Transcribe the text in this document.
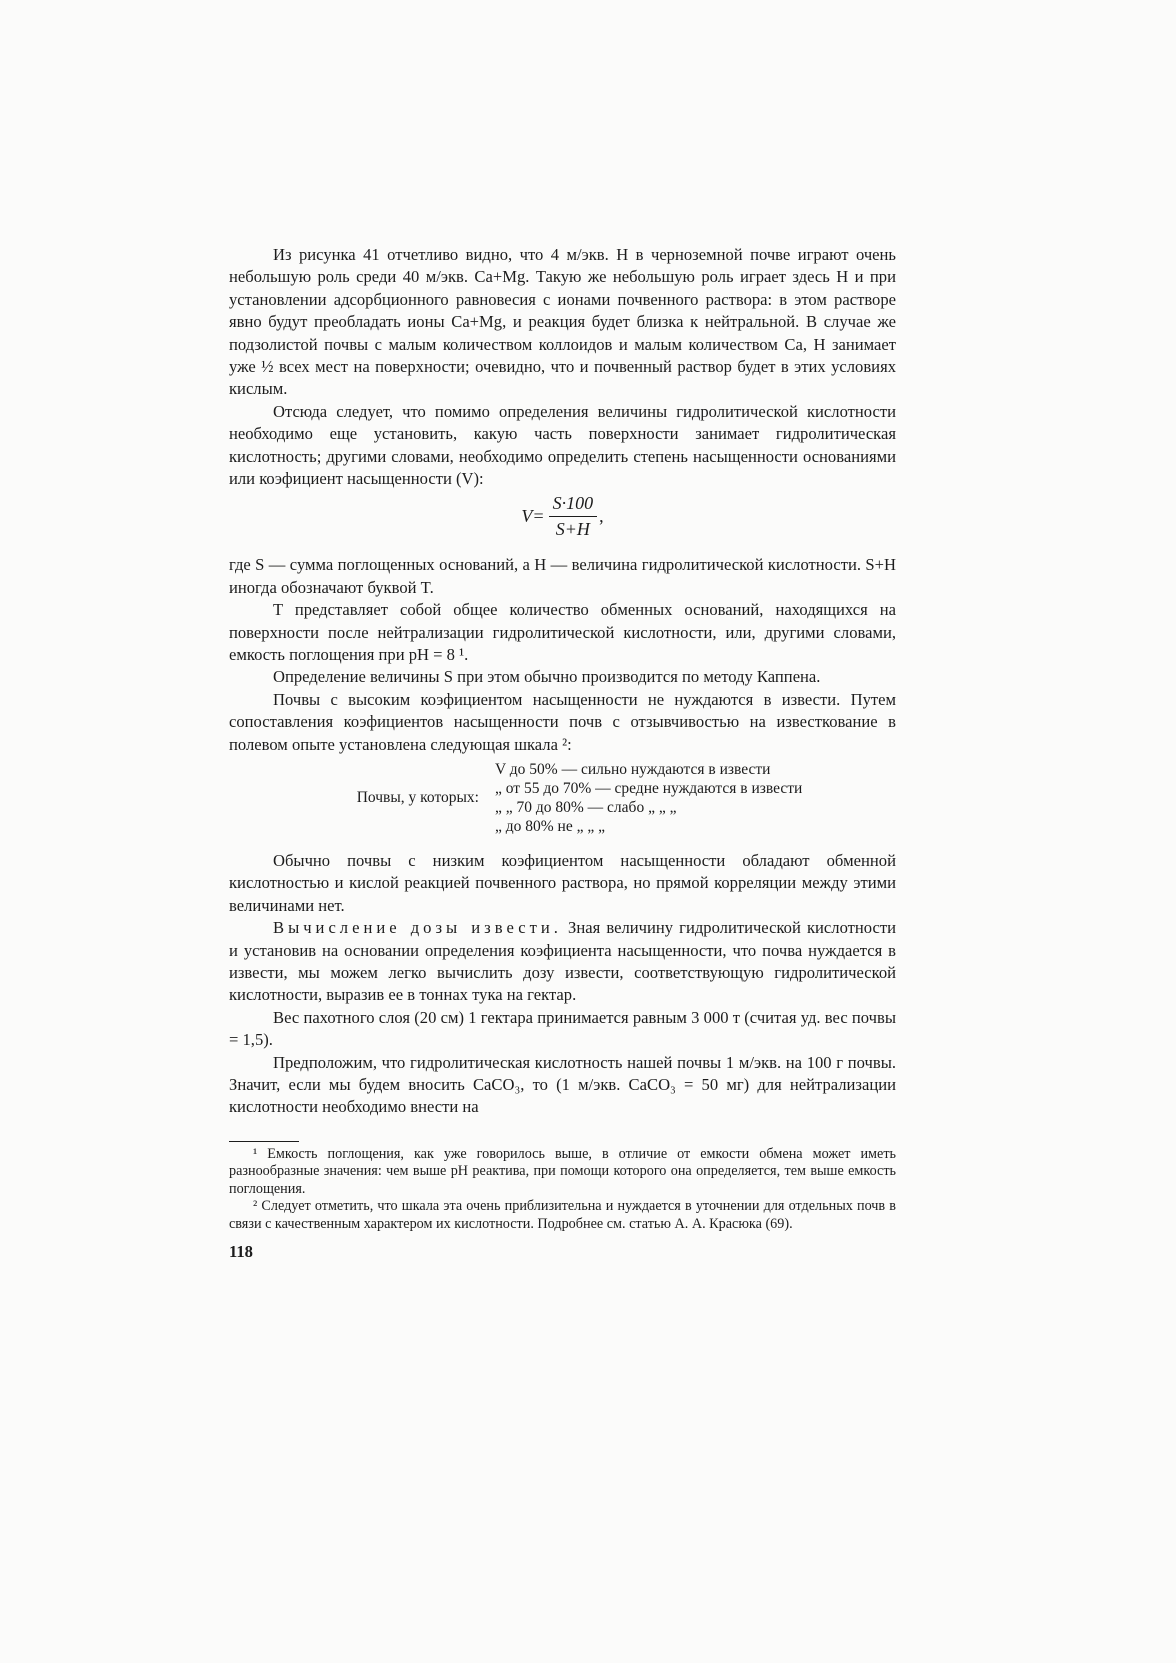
Из рисунка 41 отчетливо видно, что 4 м/экв. Н в черноземной почве играют очень небольшую роль среди 40 м/экв. Ca+Mg. Такую же небольшую роль играет здесь Н и при установлении адсорбционного равновесия с ионами почвенного раствора: в этом растворе явно будут преобладать ионы Ca+Mg, и реакция будет близка к нейтральной. В случае же подзолистой почвы с малым количеством коллоидов и малым количеством Са, Н занимает уже ½ всех мест на поверхности; очевидно, что и почвенный раствор будет в этих условиях кислым.

Отсюда следует, что помимо определения величины гидролитической кислотности необходимо еще установить, какую часть поверхности занимает гидролитическая кислотность; другими словами, необходимо определить степень насыщенности основаниями или коэфициент насыщенности (V):

$V= \frac{S\cdot 100}{S+H}$ ,

где S — сумма поглощенных оснований, а H — величина гидролитической кислотности. S+H иногда обозначают буквой T.

T представляет собой общее количество обменных оснований, находящихся на поверхности после нейтрализации гидролитической кислотности, или, другими словами, емкость поглощения при pH = 8 ¹.

Определение величины S при этом обычно производится по методу Каппена.

Почвы с высоким коэфициентом насыщенности не нуждаются в извести. Путем сопоставления коэфициентов насыщенности почв с отзывчивостью на известкование в полевом опыте установлена следующая шкала ²:

Почвы, у которых:
V до 50% — сильно нуждаются в извести
„ от 55 до 70% — средне нуждаются в извести
„ „ 70 до 80% — слабо „ „ „
„ до 80% не „ „ „

Обычно почвы с низким коэфициентом насыщенности обладают обменной кислотностью и кислой реакцией почвенного раствора, но прямой корреляции между этими величинами нет.

Вычисление дозы извести. Зная величину гидролитической кислотности и установив на основании определения коэфициента насыщенности, что почва нуждается в извести, мы можем легко вычислить дозу извести, соответствующую гидролитической кислотности, выразив ее в тоннах тука на гектар.

Вес пахотного слоя (20 см) 1 гектара принимается равным 3 000 т (считая уд. вес почвы = 1,5).

Предположим, что гидролитическая кислотность нашей почвы 1 м/экв. на 100 г почвы. Значит, если мы будем вносить CaCO₃, то (1 м/экв. CaCO₃ = 50 мг) для нейтрализации кислотности необходимо внести на

¹ Емкость поглощения, как уже говорилось выше, в отличие от емкости обмена может иметь разнообразные значения: чем выше pH реактива, при помощи которого она определяется, тем выше емкость поглощения.

² Следует отметить, что шкала эта очень приблизительна и нуждается в уточнении для отдельных почв в связи с качественным характером их кислотности. Подробнее см. статью А. А. Красюка (69).

118
